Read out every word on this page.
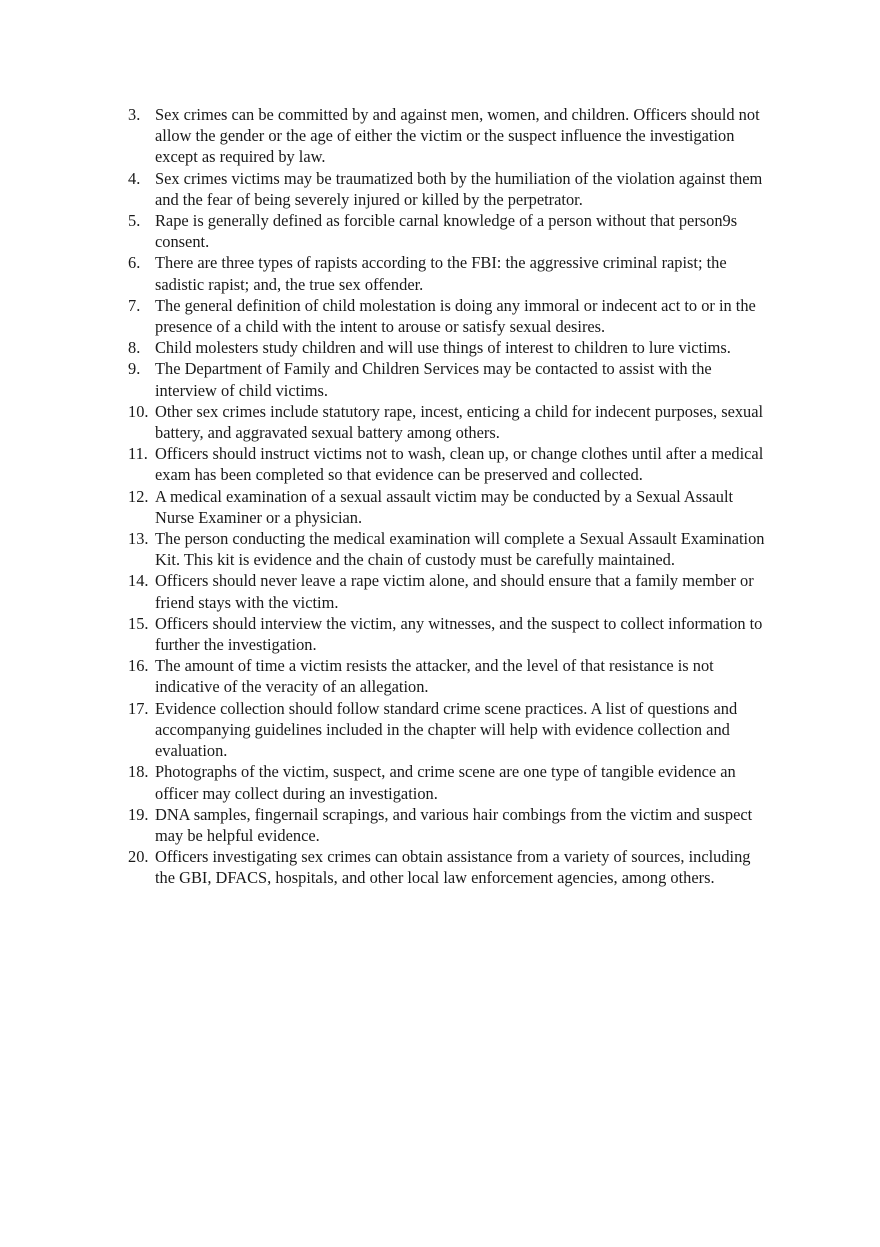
3. Sex crimes can be committed by and against men, women, and children. Officers should not allow the gender or the age of either the victim or the suspect influence the investigation except as required by law.
4. Sex crimes victims may be traumatized both by the humiliation of the violation against them and the fear of being severely injured or killed by the perpetrator.
5. Rape is generally defined as forcible carnal knowledge of a person without that person9s consent.
6. There are three types of rapists according to the FBI: the aggressive criminal rapist; the sadistic rapist; and, the true sex offender.
7. The general definition of child molestation is doing any immoral or indecent act to or in the presence of a child with the intent to arouse or satisfy sexual desires.
8. Child molesters study children and will use things of interest to children to lure victims.
9. The Department of Family and Children Services may be contacted to assist with the interview of child victims.
10. Other sex crimes include statutory rape, incest, enticing a child for indecent purposes, sexual battery, and aggravated sexual battery among others.
11. Officers should instruct victims not to wash, clean up, or change clothes until after a medical exam has been completed so that evidence can be preserved and collected.
12. A medical examination of a sexual assault victim may be conducted by a Sexual Assault Nurse Examiner or a physician.
13. The person conducting the medical examination will complete a Sexual Assault Examination Kit. This kit is evidence and the chain of custody must be carefully maintained.
14. Officers should never leave a rape victim alone, and should ensure that a family member or friend stays with the victim.
15. Officers should interview the victim, any witnesses, and the suspect to collect information to further the investigation.
16. The amount of time a victim resists the attacker, and the level of that resistance is not indicative of the veracity of an allegation.
17. Evidence collection should follow standard crime scene practices. A list of questions and accompanying guidelines included in the chapter will help with evidence collection and evaluation.
18. Photographs of the victim, suspect, and crime scene are one type of tangible evidence an officer may collect during an investigation.
19. DNA samples, fingernail scrapings, and various hair combings from the victim and suspect may be helpful evidence.
20. Officers investigating sex crimes can obtain assistance from a variety of sources, including the GBI, DFACS, hospitals, and other local law enforcement agencies, among others.
